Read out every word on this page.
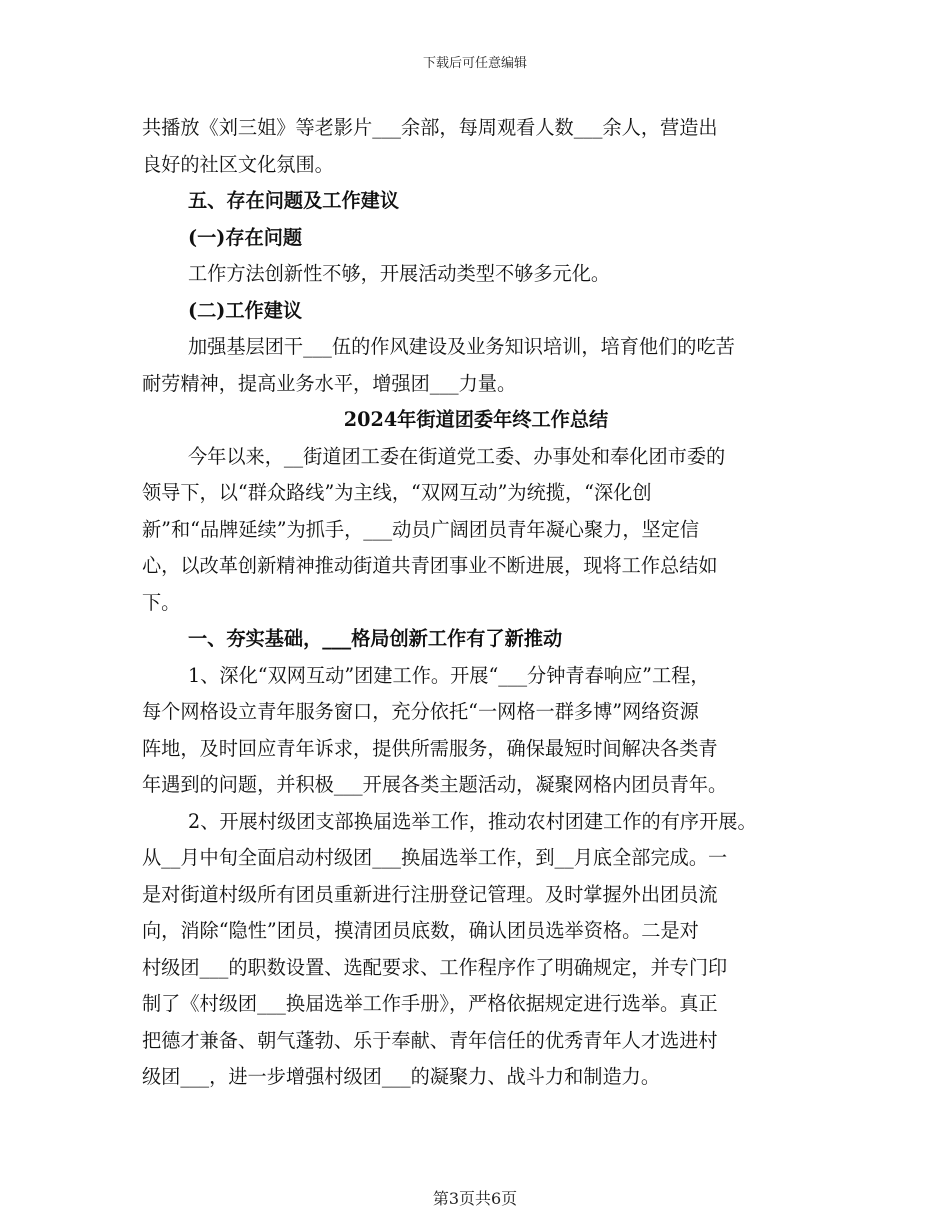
下载后可任意编辑
共播放《刘三姐》等老影片___余部，每周观看人数___余人，营造出
良好的社区文化氛围。
五、存在问题及工作建议
(一)存在问题
工作方法创新性不够，开展活动类型不够多元化。
(二)工作建议
加强基层团干___伍的作风建设及业务知识培训，培育他们的吃苦
耐劳精神，提高业务水平，增强团___力量。
2024年街道团委年终工作总结
今年以来，__街道团工委在街道党工委、办事处和奉化团市委的
领导下，以“群众路线”为主线，“双网互动”为统揽，“深化创
新”和“品牌延续”为抓手，___动员广阔团员青年凝心聚力，坚定信
心，以改革创新精神推动街道共青团事业不断进展，现将工作总结如
下。
一、夯实基础，___格局创新工作有了新推动
1、深化“双网互动”团建工作。开展“___分钟青春响应”工程，
每个网格设立青年服务窗口，充分依托“一网格一群多博”网络资源
阵地，及时回应青年诉求，提供所需服务，确保最短时间解决各类青
年遇到的问题，并积极___开展各类主题活动，凝聚网格内团员青年。
2、开展村级团支部换届选举工作，推动农村团建工作的有序开展。
从__月中旬全面启动村级团___换届选举工作，到__月底全部完成。一
是对街道村级所有团员重新进行注册登记管理。及时掌握外出团员流
向，消除“隐性”团员，摸清团员底数，确认团员选举资格。二是对
村级团___的职数设置、选配要求、工作程序作了明确规定，并专门印
制了《村级团___换届选举工作手册》，严格依据规定进行选举。真正
把德才兼备、朝气蓬勃、乐于奉献、青年信任的优秀青年人才选进村
级团___，进一步增强村级团___的凝聚力、战斗力和制造力。
第3页共6页
